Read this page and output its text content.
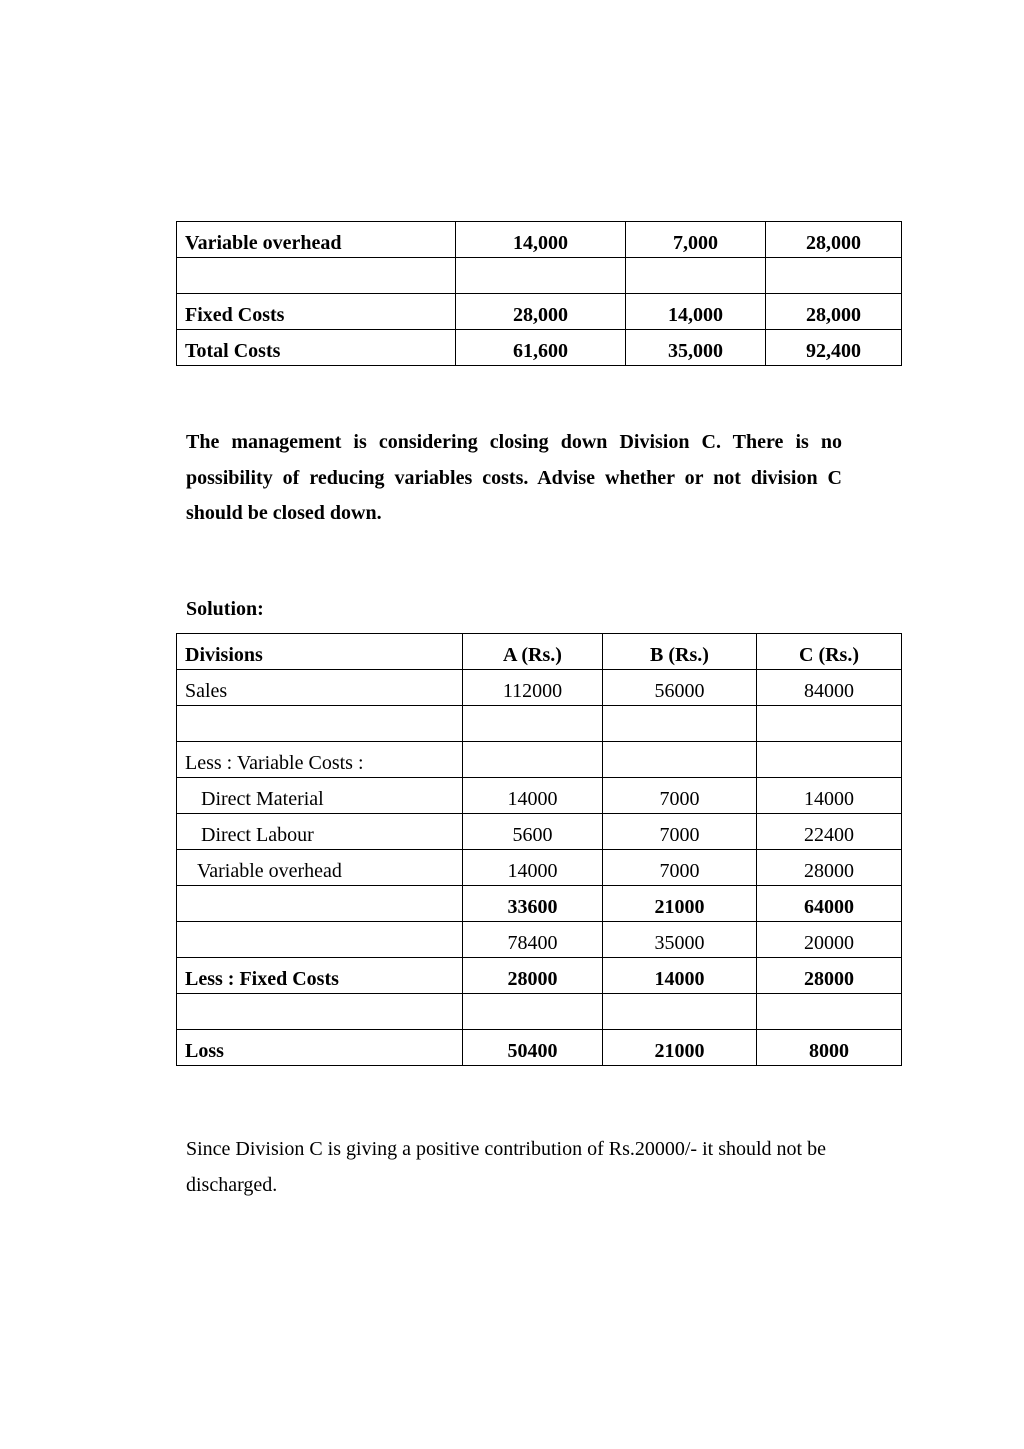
Variable overhead	14,000	7,000	28,000

Fixed Costs	28,000	14,000	28,000
Total Costs	61,600	35,000	92,400
The management is considering closing down Division C. There is no possibility of reducing variables costs. Advise whether or not division C should be closed down.
Solution:
Divisions	A (Rs.)	B (Rs.)	C (Rs.)
Sales	112000	56000	84000

Less : Variable Costs :			
Direct Material	14000	7000	14000
Direct Labour	5600	7000	22400
Variable overhead	14000	7000	28000
	33600	21000	64000
	78400	35000	20000
Less : Fixed Costs	28000	14000	28000

Loss	50400	21000	8000
Since Division C is giving a positive contribution of Rs.20000/- it should not be discharged.
